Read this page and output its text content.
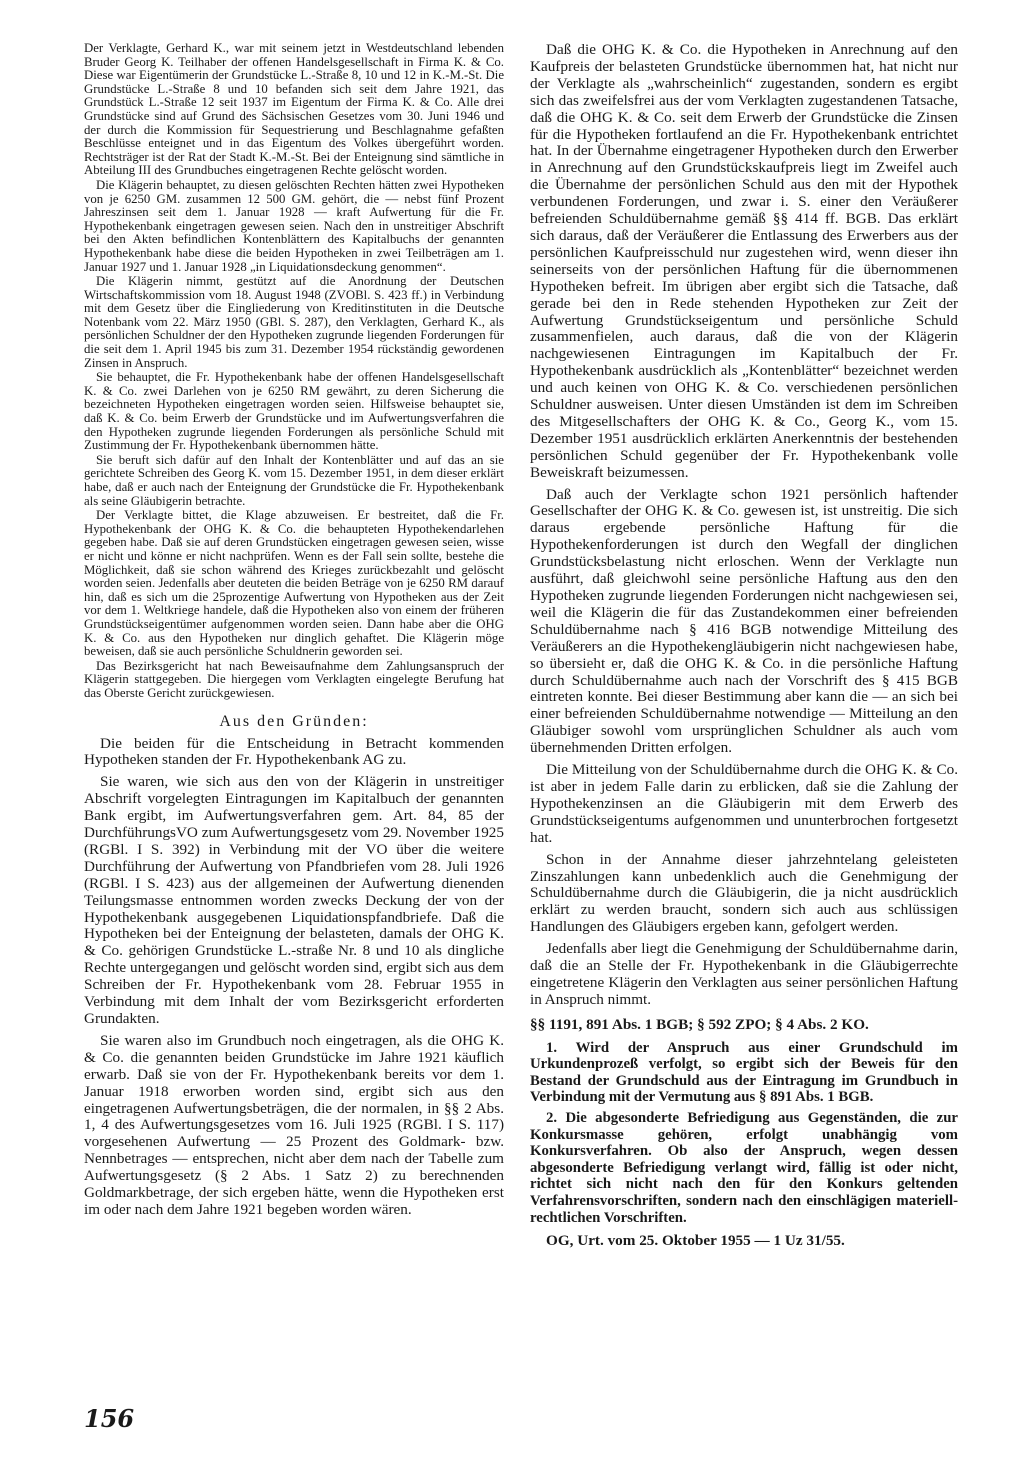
Der Verklagte, Gerhard K., war mit seinem jetzt in Westdeutschland lebenden Bruder Georg K. Teilhaber der offenen Handelsgesellschaft in Firma K. & Co. Diese war Eigentümerin der Grundstücke L.-Straße 8, 10 und 12 in K.-M.-St. Die Grundstücke L.-Straße 8 und 10 befanden sich seit dem Jahre 1921, das Grundstück L.-Straße 12 seit 1937 im Eigentum der Firma K. & Co. Alle drei Grundstücke sind auf Grund des Sächsischen Gesetzes vom 30. Juni 1946 und der durch die Kommission für Sequestrierung und Beschlagnahme gefaßten Beschlüsse enteignet und in das Eigentum des Volkes übergeführt worden. Rechtsträger ist der Rat der Stadt K.-M.-St. Bei der Enteignung sind sämtliche in Abteilung III des Grundbuches eingetragenen Rechte gelöscht worden.

Die Klägerin behauptet, zu diesen gelöschten Rechten hätten zwei Hypotheken von je 6250 GM. zusammen 12 500 GM. gehört, die — nebst fünf Prozent Jahreszinsen seit dem 1. Januar 1928 — kraft Aufwertung für die Fr. Hypothekenbank eingetragen gewesen seien. Nach den in unstreitiger Abschrift bei den Akten befindlichen Kontenblättern des Kapitalbuchs der genannten Hypothekenbank habe diese die beiden Hypotheken in zwei Teilbeträgen am 1. Januar 1927 und 1. Januar 1928 „in Liquidationsdeckung genommen“.

Die Klägerin nimmt, gestützt auf die Anordnung der Deutschen Wirtschaftskommission vom 18. August 1948 (ZVOBl. S. 423 ff.) in Verbindung mit dem Gesetz über die Eingliederung von Kreditinstituten in die Deutsche Notenbank vom 22. März 1950 (GBl. S. 287), den Verklagten, Gerhard K., als persönlichen Schuldner der den Hypotheken zugrunde liegenden Forderungen für die seit dem 1. April 1945 bis zum 31. Dezember 1954 rückständig gewordenen Zinsen in Anspruch.

Sie behauptet, die Fr. Hypothekenbank habe der offenen Handelsgesellschaft K. & Co. zwei Darlehen von je 6250 RM gewährt, zu deren Sicherung die bezeichneten Hypotheken eingetragen worden seien. Hilfsweise behauptet sie, daß K. & Co. beim Erwerb der Grundstücke und im Aufwertungsverfahren die den Hypotheken zugrunde liegenden Forderungen als persönliche Schuld mit Zustimmung der Fr. Hypothekenbank übernommen hätte.

Sie beruft sich dafür auf den Inhalt der Kontenblätter und auf das an sie gerichtete Schreiben des Georg K. vom 15. Dezember 1951, in dem dieser erklärt habe, daß er auch nach der Enteignung der Grundstücke die Fr. Hypothekenbank als seine Gläubigerin betrachte.

Der Verklagte bittet, die Klage abzuweisen. Er bestreitet, daß die Fr. Hypothekenbank der OHG K. & Co. die behaupteten Hypothekendarlehen gegeben habe. Daß sie auf deren Grundstücken eingetragen gewesen seien, wisse er nicht und könne er nicht nachprüfen. Wenn es der Fall sein sollte, bestehe die Möglichkeit, daß sie schon während des Krieges zurückbezahlt und gelöscht worden seien. Jedenfalls aber deuteten die beiden Beträge von je 6250 RM darauf hin, daß es sich um die 25prozentige Aufwertung von Hypotheken aus der Zeit vor dem 1. Weltkriege handele, daß die Hypotheken also von einem der früheren Grundstückseigentümer aufgenommen worden seien. Dann habe aber die OHG K. & Co. aus den Hypotheken nur dinglich gehaftet. Die Klägerin möge beweisen, daß sie auch persönliche Schuldnerin geworden sei.

Das Bezirksgericht hat nach Beweisaufnahme dem Zahlungsanspruch der Klägerin stattgegeben. Die hiergegen vom Verklagten eingelegte Berufung hat das Oberste Gericht zurückgewiesen.

Aus den Gründen:

Die beiden für die Entscheidung in Betracht kommenden Hypotheken standen der Fr. Hypothekenbank AG zu.

Sie waren, wie sich aus den von der Klägerin in unstreitiger Abschrift vorgelegten Eintragungen im Kapitalbuch der genannten Bank ergibt, im Aufwertungsverfahren gem. Art. 84, 85 der DurchführungsVO zum Aufwertungsgesetz vom 29. November 1925 (RGBl. I S. 392) in Verbindung mit der VO über die weitere Durchführung der Aufwertung von Pfandbriefen vom 28. Juli 1926 (RGBl. I S. 423) aus der allgemeinen der Aufwertung dienenden Teilungsmasse entnommen worden zwecks Deckung der von der Hypothekenbank ausgegebenen Liquidationspfandbriefe. Daß die Hypotheken bei der Enteignung der belasteten, damals der OHG K. & Co. gehörigen Grundstücke L.-straße Nr. 8 und 10 als dingliche Rechte untergegangen und gelöscht worden sind, ergibt sich aus dem Schreiben der Fr. Hypothekenbank vom 28. Februar 1955 in Verbindung mit dem Inhalt der vom Bezirksgericht erforderten Grundakten.

Sie waren also im Grundbuch noch eingetragen, als die OHG K. & Co. die genannten beiden Grundstücke im Jahre 1921 käuflich erwarb. Daß sie von der Fr. Hypothekenbank bereits vor dem 1. Januar 1918 erworben worden sind, ergibt sich aus den eingetragenen Aufwertungsbeträgen, die der normalen, in §§ 2 Abs. 1, 4 des Aufwertungsgesetzes vom 16. Juli 1925 (RGBl. I S. 117) vorgesehenen Aufwertung — 25 Prozent des Goldmark- bzw. Nennbetrages — entsprechen, nicht aber dem nach der Tabelle zum Aufwertungsgesetz (§ 2 Abs. 1 Satz 2) zu berechnenden Goldmarkbetrage, der sich ergeben hätte, wenn die Hypotheken erst im oder nach dem Jahre 1921 begeben worden wären.

Daß die OHG K. & Co. die Hypotheken in Anrechnung auf den Kaufpreis der belasteten Grundstücke übernommen hat, hat nicht nur der Verklagte als „wahrscheinlich“ zugestanden, sondern es ergibt sich das zweifelsfrei aus der vom Verklagten zugestandenen Tatsache, daß die OHG K. & Co. seit dem Erwerb der Grundstücke die Zinsen für die Hypotheken fortlaufend an die Fr. Hypothekenbank entrichtet hat. In der Übernahme eingetragener Hypotheken durch den Erwerber in Anrechnung auf den Grundstückskaufpreis liegt im Zweifel auch die Übernahme der persönlichen Schuld aus den mit der Hypothek verbundenen Forderungen, und zwar i. S. einer den Veräußerer befreienden Schuldübernahme gemäß §§ 414 ff. BGB. Das erklärt sich daraus, daß der Veräußerer die Entlassung des Erwerbers aus der persönlichen Kaufpreisschuld nur zugestehen wird, wenn dieser ihn seinerseits von der persönlichen Haftung für die übernommenen Hypotheken befreit. Im übrigen aber ergibt sich die Tatsache, daß gerade bei den in Rede stehenden Hypotheken zur Zeit der Aufwertung Grundstückseigentum und persönliche Schuld zusammenfielen, auch daraus, daß die von der Klägerin nachgewiesenen Eintragungen im Kapitalbuch der Fr. Hypothekenbank ausdrücklich als „Kontenblätter“ bezeichnet werden und auch keinen von OHG K. & Co. verschiedenen persönlichen Schuldner ausweisen. Unter diesen Umständen ist dem im Schreiben des Mitgesellschafters der OHG K. & Co., Georg K., vom 15. Dezember 1951 ausdrücklich erklärten Anerkenntnis der bestehenden persönlichen Schuld gegenüber der Fr. Hypothekenbank volle Beweiskraft beizumessen.

Daß auch der Verklagte schon 1921 persönlich haftender Gesellschafter der OHG K. & Co. gewesen ist, ist unstreitig. Die sich daraus ergebende persönliche Haftung für die Hypothekenforderungen ist durch den Wegfall der dinglichen Grundstücksbelastung nicht erloschen. Wenn der Verklagte nun ausführt, daß gleichwohl seine persönliche Haftung aus den den Hypotheken zugrunde liegenden Forderungen nicht nachgewiesen sei, weil die Klägerin die für das Zustandekommen einer befreienden Schuldübernahme nach § 416 BGB notwendige Mitteilung des Veräußerers an die Hypothekengläubigerin nicht nachgewiesen habe, so übersieht er, daß die OHG K. & Co. in die persönliche Haftung durch Schuldübernahme auch nach der Vorschrift des § 415 BGB eintreten konnte. Bei dieser Bestimmung aber kann die — an sich bei einer befreienden Schuldübernahme notwendige — Mitteilung an den Gläubiger sowohl vom ursprünglichen Schuldner als auch vom übernehmenden Dritten erfolgen.

Die Mitteilung von der Schuldübernahme durch die OHG K. & Co. ist aber in jedem Falle darin zu erblicken, daß sie die Zahlung der Hypothekenzinsen an die Gläubigerin mit dem Erwerb des Grundstückseigentums aufgenommen und ununterbrochen fortgesetzt hat.

Schon in der Annahme dieser jahrzehntelang geleisteten Zinszahlungen kann unbedenklich auch die Genehmigung der Schuldübernahme durch die Gläubigerin, die ja nicht ausdrücklich erklärt zu werden braucht, sondern sich auch aus schlüssigen Handlungen des Gläubigers ergeben kann, gefolgert werden.

Jedenfalls aber liegt die Genehmigung der Schuldübernahme darin, daß die an Stelle der Fr. Hypothekenbank in die Gläubigerrechte eingetretene Klägerin den Verklagten aus seiner persönlichen Haftung in Anspruch nimmt.

§§ 1191, 891 Abs. 1 BGB; § 592 ZPO; § 4 Abs. 2 KO.

1. Wird der Anspruch aus einer Grundschuld im Urkundenprozeß verfolgt, so ergibt sich der Beweis für den Bestand der Grundschuld aus der Eintragung im Grundbuch in Verbindung mit der Vermutung aus § 891 Abs. 1 BGB.

2. Die abgesonderte Befriedigung aus Gegenständen, die zur Konkursmasse gehören, erfolgt unabhängig vom Konkursverfahren. Ob also der Anspruch, wegen dessen abgesonderte Befriedigung verlangt wird, fällig ist oder nicht, richtet sich nicht nach den für den Konkurs geltenden Verfahrensvorschriften, sondern nach den einschlägigen materiell-rechtlichen Vorschriften.

OG, Urt. vom 25. Oktober 1955 — 1 Uz 31/55.

156
